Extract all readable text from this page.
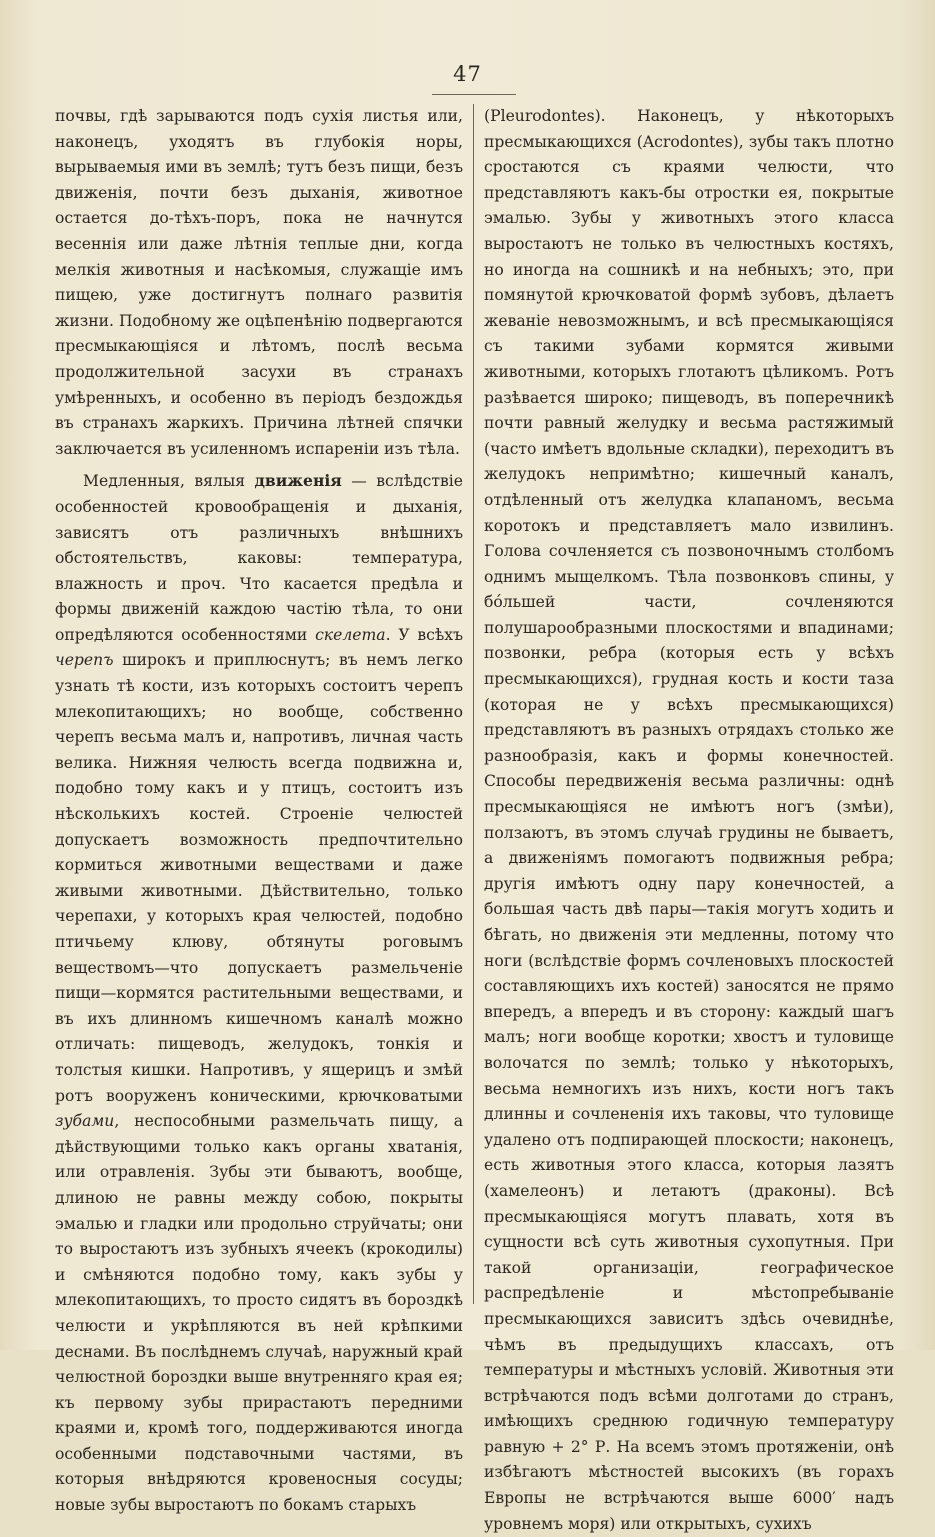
47

почвы, гдѣ зарываются подъ сухія листья или, наконецъ, уходятъ въ глубокія норы, вырываемыя ими въ землѣ; тутъ безъ пищи, безъ движенія, почти безъ дыханія, животное остается до-тѣхъ-поръ, пока не начнутся весеннія или даже лѣтнія теплые дни, когда мелкія животныя и насѣкомыя, служащіе имъ пищею, уже достигнутъ полнаго развитія жизни. Подобному же оцѣпенѣнію подвергаются пресмыкающіяся и лѣтомъ, послѣ весьма продолжительной засухи въ странахъ умѣренныхъ, и особенно въ періодъ бездождья въ странахъ жаркихъ. Причина лѣтней спячки заключается въ усиленномъ испареніи изъ тѣла.

Медленныя, вялыя движенія — вслѣдствіе особенностей кровообращенія и дыханія, зависятъ отъ различныхъ внѣшнихъ обстоятельствъ, каковы: температура, влажность и проч. Что касается предѣла и формы движеній каждою частію тѣла, то они опредѣляются особенностями скелета. У всѣхъ черепъ широкъ и приплюснутъ; въ немъ легко узнать тѣ кости, изъ которыхъ состоитъ черепъ млекопитающихъ; но вообще, собственно черепъ весьма малъ и, напротивъ, личная часть велика. Нижняя челюсть всегда подвижна и, подобно тому какъ и у птицъ, состоитъ изъ нѣсколькихъ костей. Строеніе челюстей допускаетъ возможность предпочтительно кормиться животными веществами и даже живыми животными. Дѣйствительно, только черепахи, у которыхъ края челюстей, подобно птичьему клюву, обтянуты роговымъ веществомъ—что допускаетъ размельченіе пищи—кормятся растительными веществами, и въ ихъ длинномъ кишечномъ каналѣ можно отличать: пищеводъ, желудокъ, тонкія и толстыя кишки. Напротивъ, у ящерицъ и змѣй ротъ вооруженъ коническими, крючковатыми зубами, неспособными размельчать пищу, а дѣйствующими только какъ органы хватанія, или отравленія. Зубы эти бываютъ, вообще, длиною не равны между собою, покрыты эмалью и гладки или продольно струйчаты; они то выростаютъ изъ зубныхъ ячеекъ (крокодилы) и смѣняются подобно тому, какъ зубы у млекопитающихъ, то просто сидятъ въ бороздкѣ челюсти и укрѣпляются въ ней крѣпкими деснами. Въ послѣднемъ случаѣ, наружный край челюстной бороздки выше внутренняго края ея; къ первому зубы прирастаютъ передними краями и, кромѣ того, поддерживаются иногда особенными подставочными частями, въ которыя внѣдряются кровеносныя сосуды; новые зубы выростаютъ по бокамъ старыхъ

(Pleurodontes). Наконецъ, у нѣкоторыхъ пресмыкающихся (Acrodontes), зубы такъ плотно сростаются съ краями челюсти, что представляютъ какъ-бы отростки ея, покрытые эмалью. Зубы у животныхъ этого класса выростаютъ не только въ челюстныхъ костяхъ, но иногда на сошникѣ и на небныхъ; это, при помянутой крючковатой формѣ зубовъ, дѣлаетъ жеваніе невозможнымъ, и всѣ пресмыкающіяся съ такими зубами кормятся живыми животными, которыхъ глотаютъ цѣликомъ. Ротъ разѣвается широко; пищеводъ, въ поперечникѣ почти равный желудку и весьма растяжимый (часто имѣетъ вдольные складки), переходитъ въ желудокъ непримѣтно; кишечный каналъ, отдѣленный отъ желудка клапаномъ, весьма коротокъ и представляетъ мало извилинъ. Голова сочленяется съ позвоночнымъ столбомъ однимъ мыщелкомъ. Тѣла позвонковъ спины, у бóльшей части, сочленяются полушарообразными плоскостями и впадинами; позвонки, ребра (которыя есть у всѣхъ пресмыкающихся), грудная кость и кости таза (которая не у всѣхъ пресмыкающихся) представляютъ въ разныхъ отрядахъ столько же разнообразія, какъ и формы конечностей. Способы передвиженія весьма различны: однѣ пресмыкающіяся не имѣютъ ногъ (змѣи), ползаютъ, въ этомъ случаѣ грудины не бываетъ, а движеніямъ помогаютъ подвижныя ребра; другія имѣютъ одну пару конечностей, а большая часть двѣ пары—такія могутъ ходить и бѣгать, но движенія эти медленны, потому что ноги (вслѣдствіе формъ сочленовыхъ плоскостей составляющихъ ихъ костей) заносятся не прямо впередъ, а впередъ и въ сторону: каждый шагъ малъ; ноги вообще коротки; хвостъ и туловище волочатся по землѣ; только у нѣкоторыхъ, весьма немногихъ изъ нихъ, кости ногъ такъ длинны и сочлененія ихъ таковы, что туловище удалено отъ подпирающей плоскости; наконецъ, есть животныя этого класса, которыя лазятъ (хамелеонъ) и летаютъ (драконы). Всѣ пресмыкающіяся могутъ плавать, хотя въ сущности всѣ суть животныя сухопутныя. При такой организаціи, географическое распредѣленіе и мѣстопребываніе пресмыкающихся зависитъ здѣсь очевиднѣе, чѣмъ въ предыдущихъ классахъ, отъ температуры и мѣстныхъ условій. Животныя эти встрѣчаются подъ всѣми долготами до странъ, имѣющихъ среднюю годичную температуру равную + 2° Р. На всемъ этомъ протяженіи, онѣ избѣгаютъ мѣстностей высокихъ (въ горахъ Европы не встрѣчаются выше 6000′ надъ уровнемъ моря) или открытыхъ, сухихъ
